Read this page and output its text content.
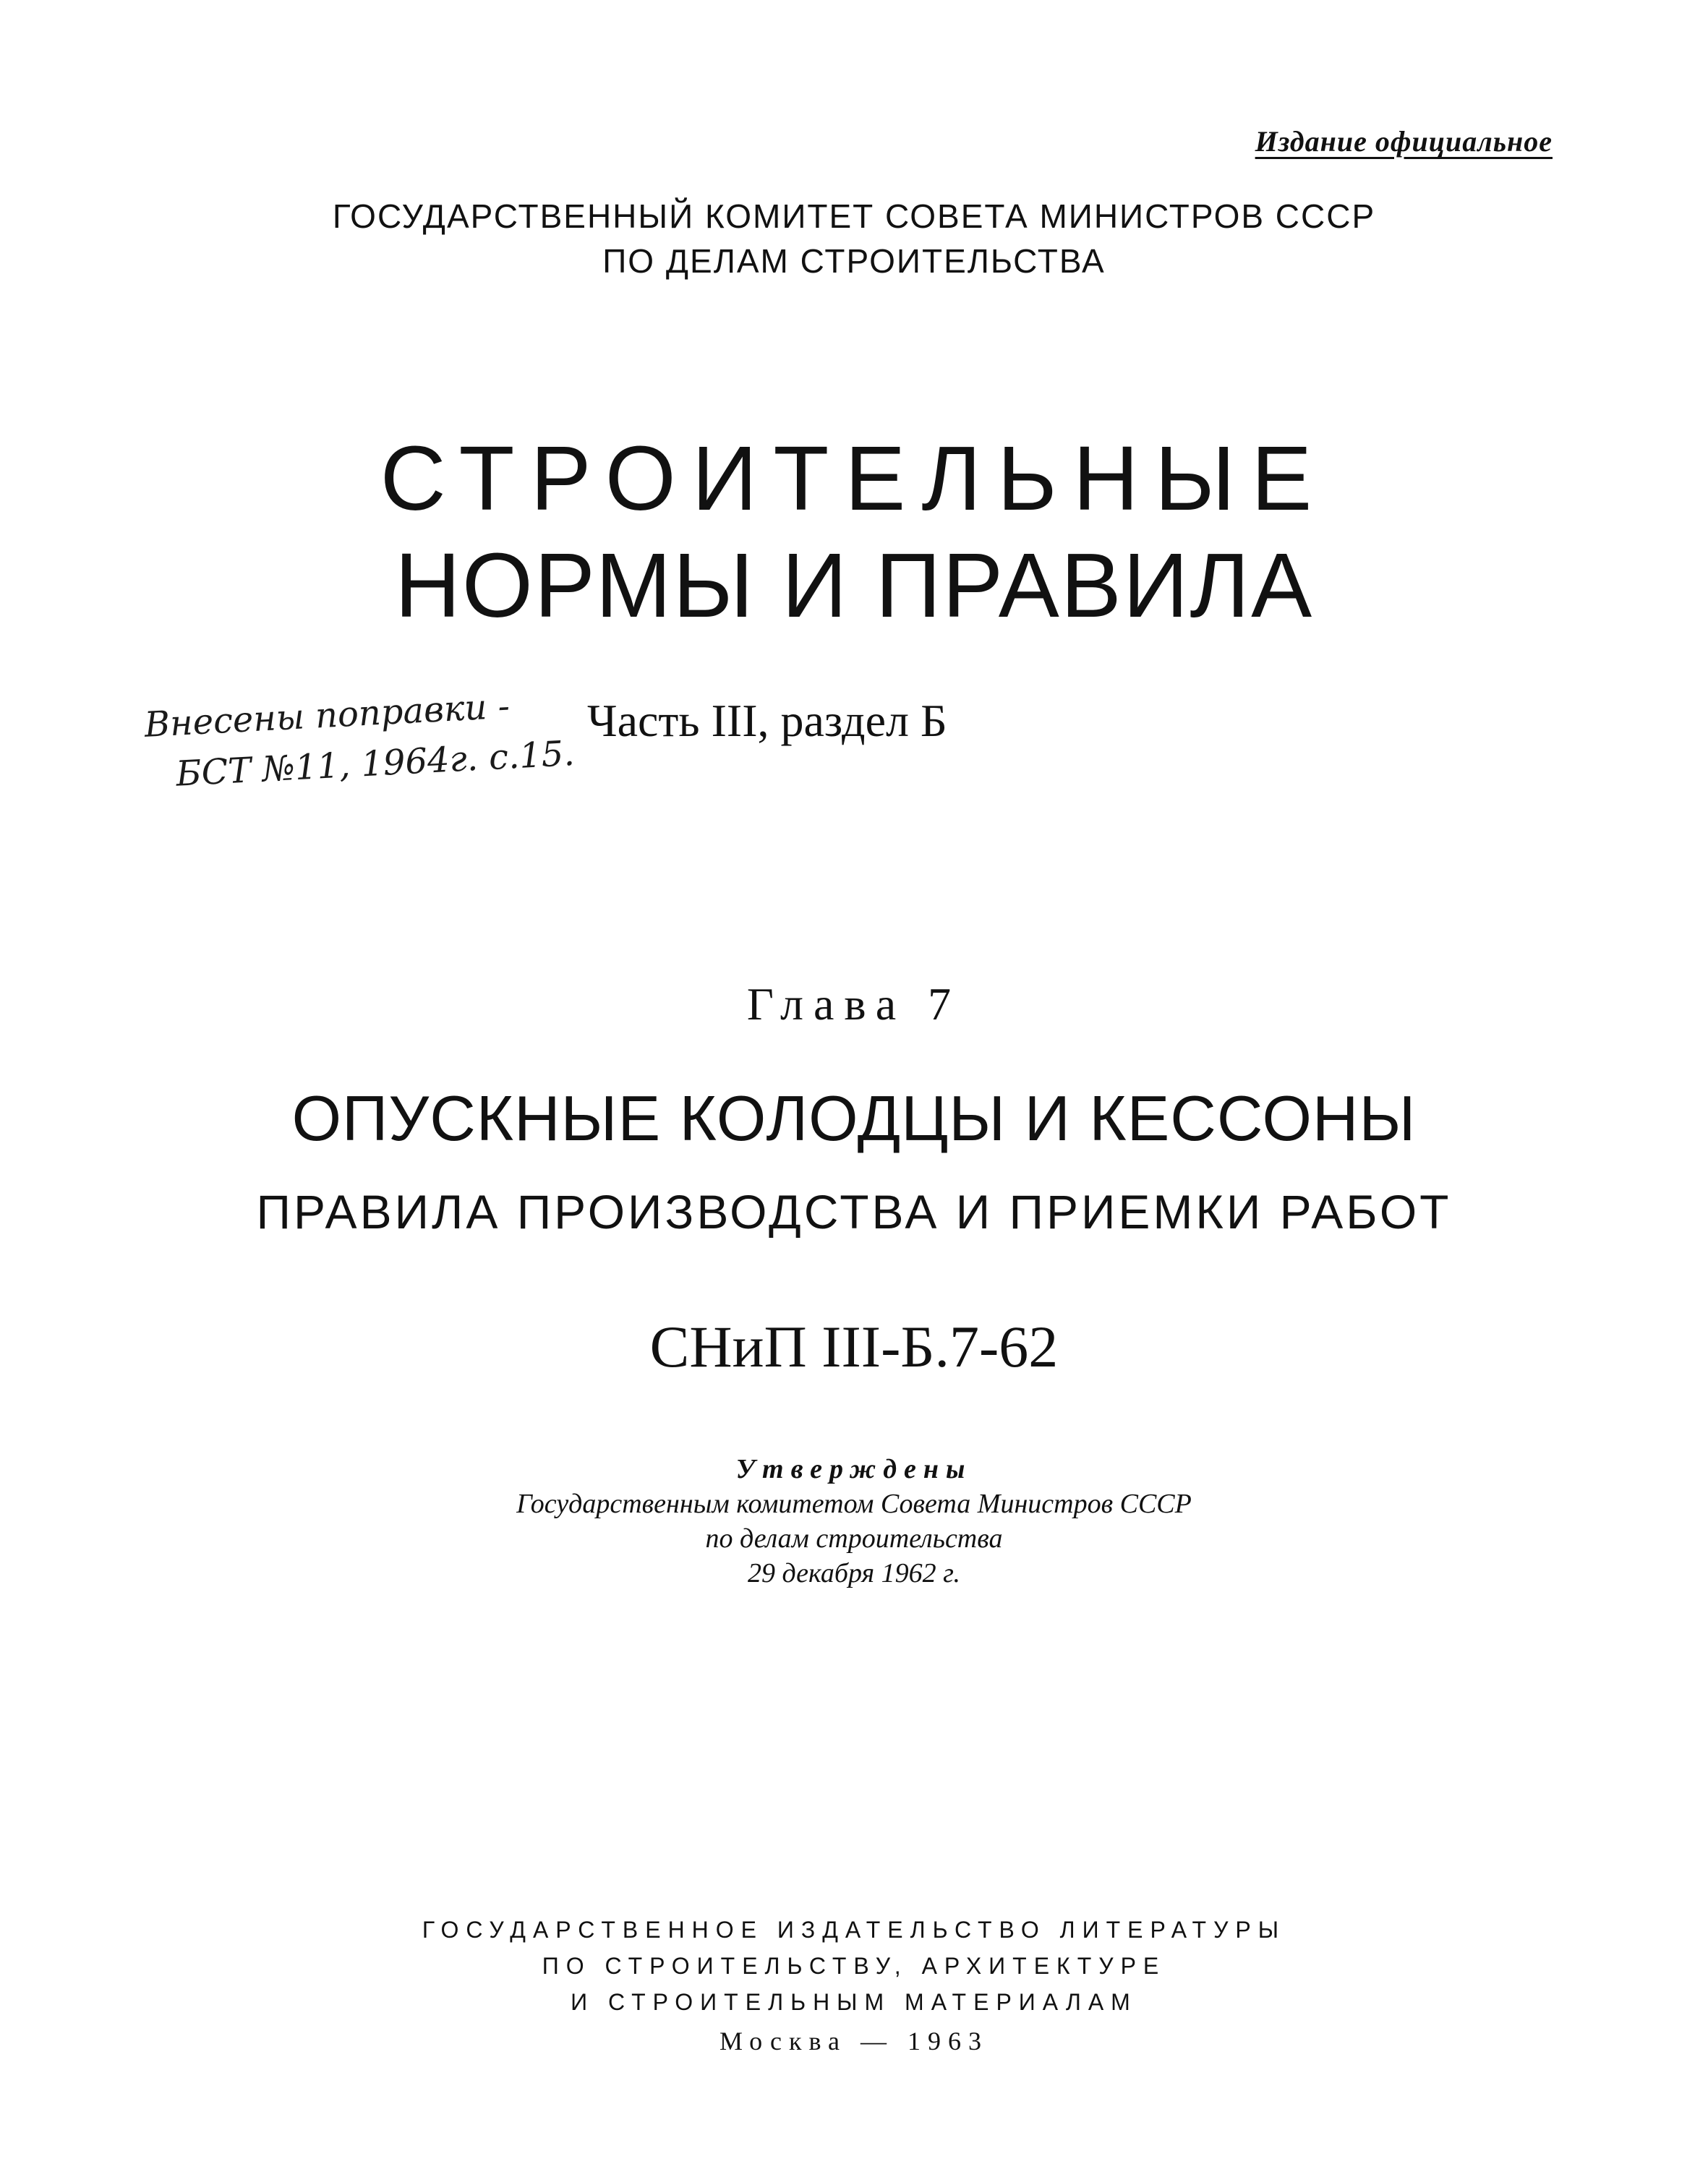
Издание официальное
ГОСУДАРСТВЕННЫЙ КОМИТЕТ СОВЕТА МИНИСТРОВ СССР
ПО ДЕЛАМ СТРОИТЕЛЬСТВА
СТРОИТЕЛЬНЫЕ
НОРМЫ И ПРАВИЛА
Внесены поправки -
БСТ №11, 1964г. с.15.
Часть III, раздел Б
Глава 7
ОПУСКНЫЕ КОЛОДЦЫ И КЕССОНЫ
ПРАВИЛА ПРОИЗВОДСТВА И ПРИЕМКИ РАБОТ
СНиП III-Б.7-62
Утверждены
Государственным комитетом Совета Министров СССР
по делам строительства
29 декабря 1962 г.
ГОСУДАРСТВЕННОЕ ИЗДАТЕЛЬСТВО ЛИТЕРАТУРЫ
ПО СТРОИТЕЛЬСТВУ, АРХИТЕКТУРЕ
И СТРОИТЕЛЬНЫМ МАТЕРИАЛАМ
Москва — 1963
